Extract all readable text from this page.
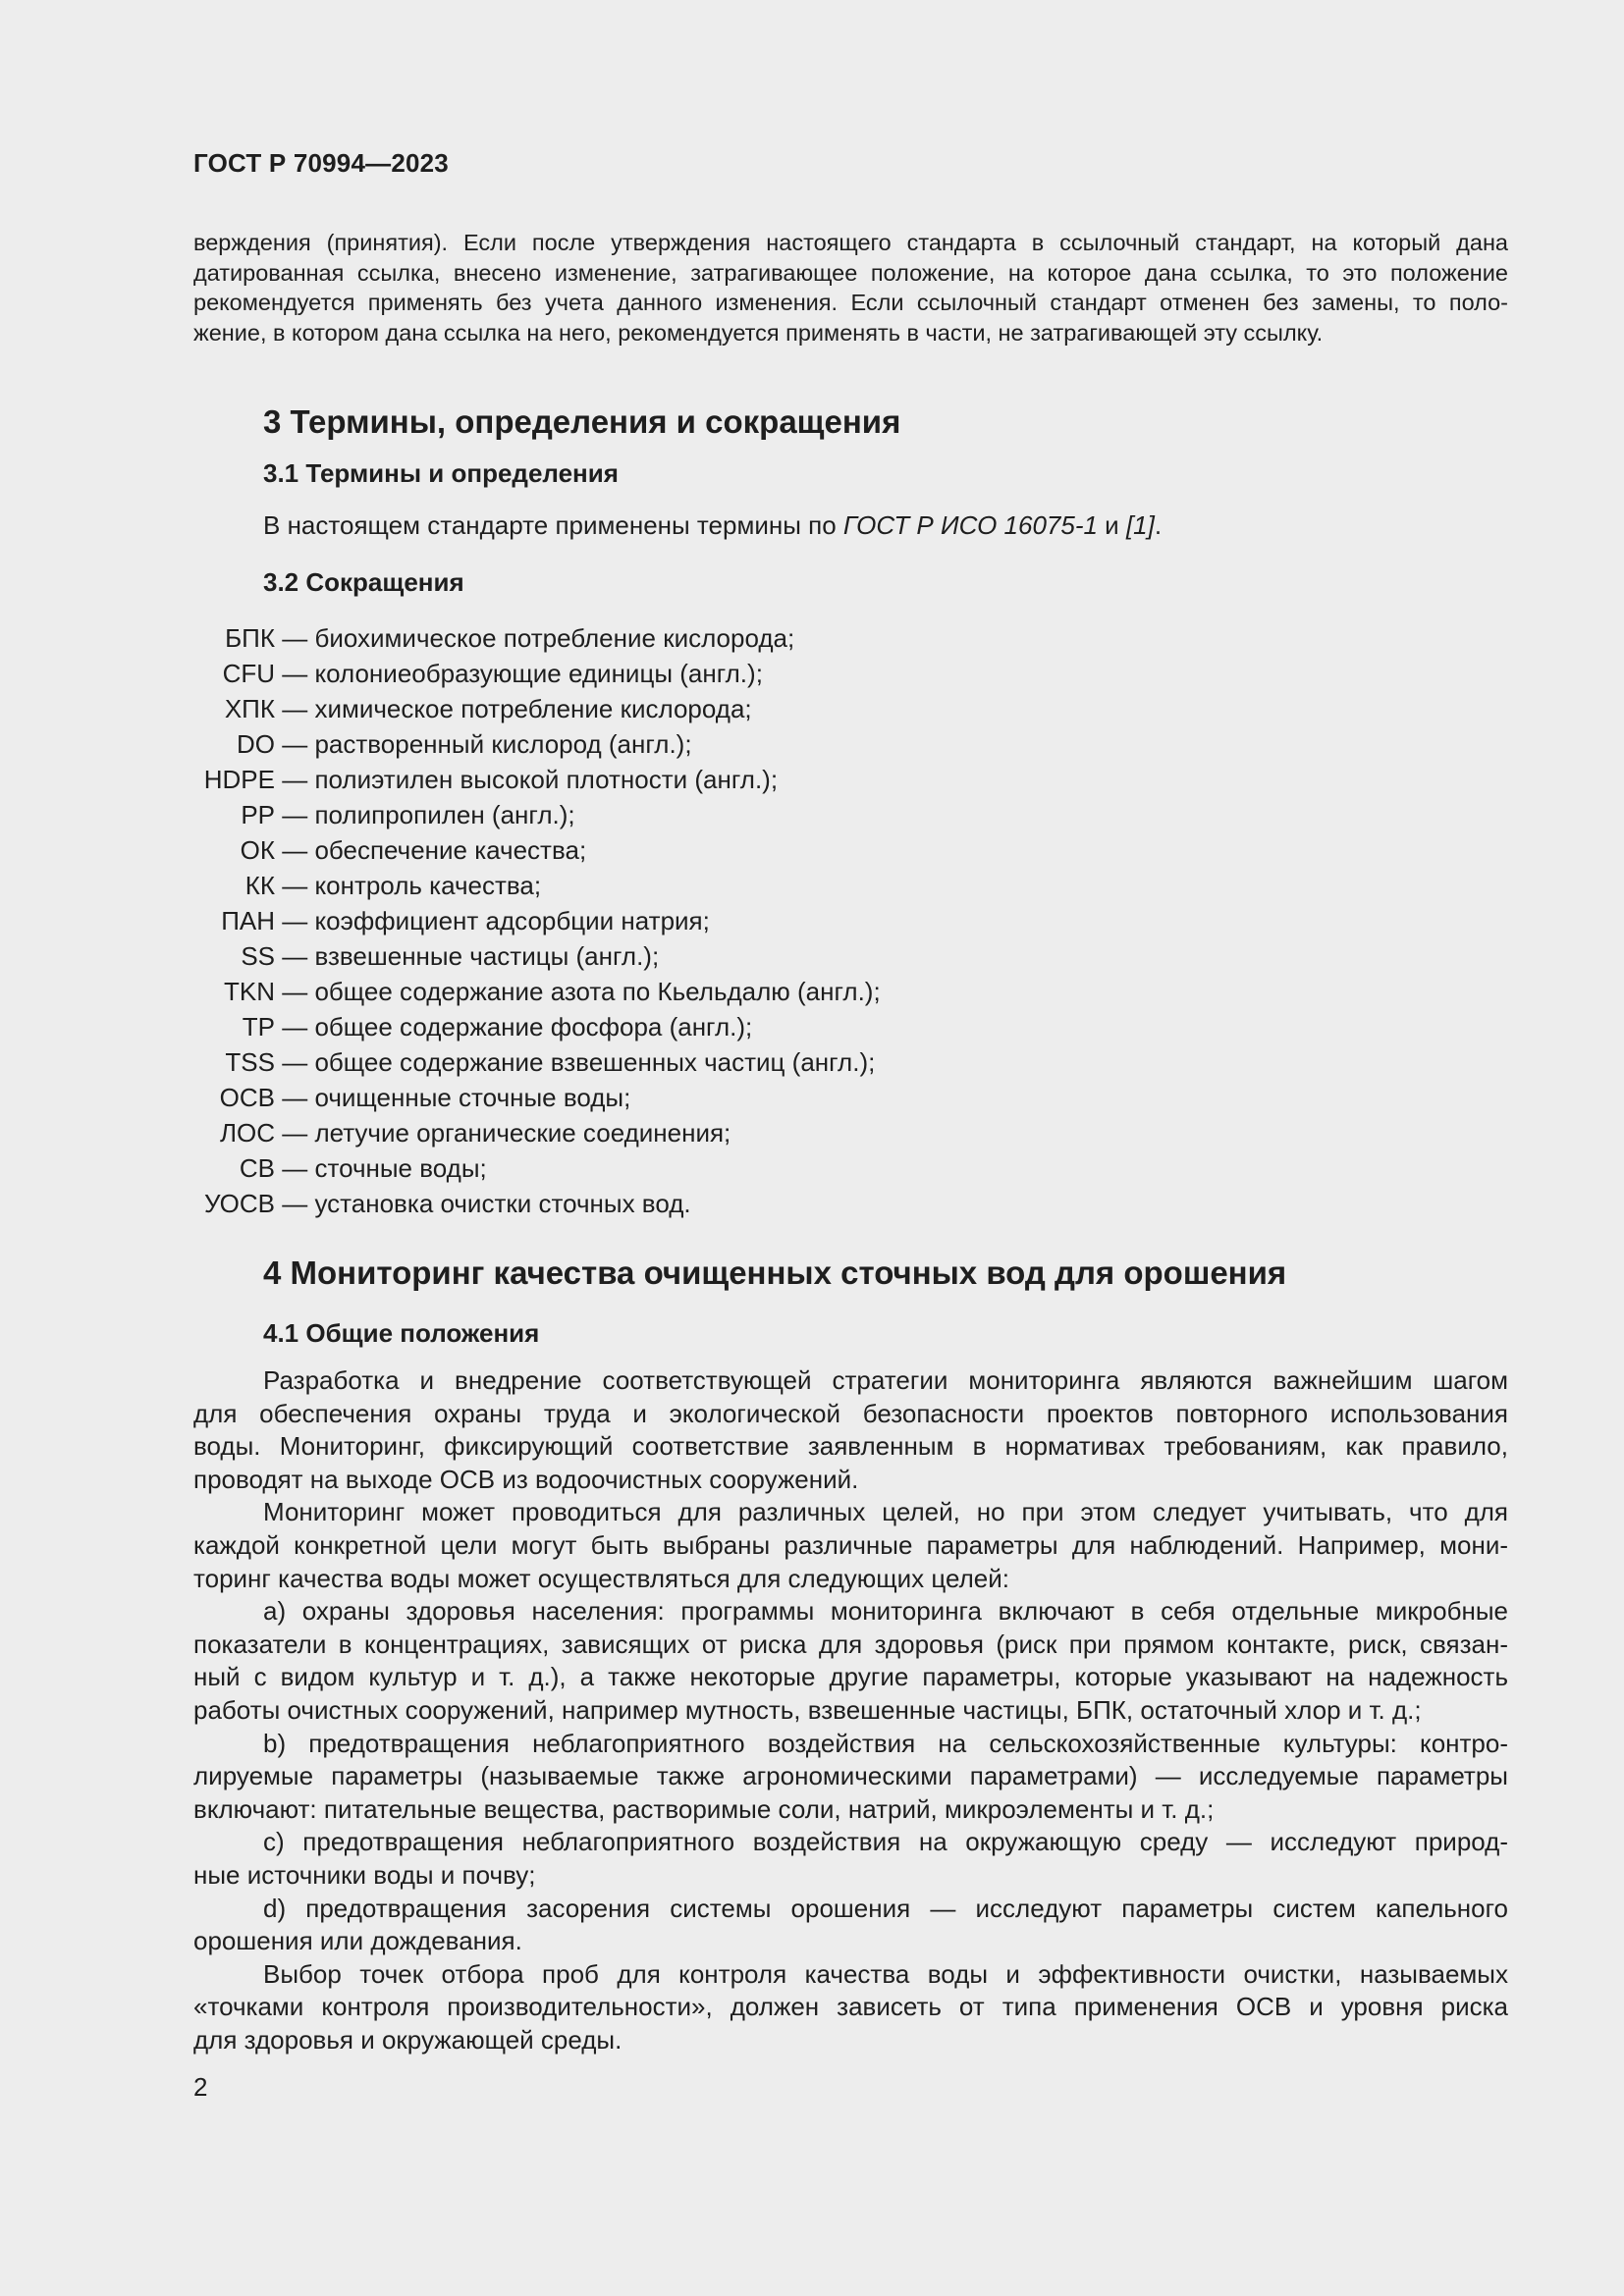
ГОСТ Р 70994—2023
верждения (принятия). Если после утверждения настоящего стандарта в ссылочный стандарт, на который дана
датированная ссылка, внесено изменение, затрагивающее положение, на которое дана ссылка, то это положение
рекомендуется применять без учета данного изменения. Если ссылочный стандарт отменен без замены, то поло-
жение, в котором дана ссылка на него, рекомендуется применять в части, не затрагивающей эту ссылку.
3 Термины, определения и сокращения
3.1 Термины и определения
В настоящем стандарте применены термины по ГОСТ Р ИСО 16075-1 и [1].
3.2 Сокращения
БПК — биохимическое потребление кислорода;
CFU — колониеобразующие единицы (англ.);
ХПК — химическое потребление кислорода;
DO — растворенный кислород (англ.);
HDPE — полиэтилен высокой плотности (англ.);
PP — полипропилен (англ.);
ОК — обеспечение качества;
КК — контроль качества;
ПАН — коэффициент адсорбции натрия;
SS — взвешенные частицы (англ.);
TKN — общее содержание азота по Кьельдалю (англ.);
TP — общее содержание фосфора (англ.);
TSS — общее содержание взвешенных частиц (англ.);
ОСВ — очищенные сточные воды;
ЛОС — летучие органические соединения;
СВ — сточные воды;
УОСВ — установка очистки сточных вод.
4 Мониторинг качества очищенных сточных вод для орошения
4.1 Общие положения
Разработка и внедрение соответствующей стратегии мониторинга являются важнейшим шагом
для обеспечения охраны труда и экологической безопасности проектов повторного использования
воды. Мониторинг, фиксирующий соответствие заявленным в нормативах требованиям, как правило,
проводят на выходе ОСВ из водоочистных сооружений.
Мониторинг может проводиться для различных целей, но при этом следует учитывать, что для
каждой конкретной цели могут быть выбраны различные параметры для наблюдений. Например, мони-
торинг качества воды может осуществляться для следующих целей:
a) охраны здоровья населения: программы мониторинга включают в себя отдельные микробные
показатели в концентрациях, зависящих от риска для здоровья (риск при прямом контакте, риск, связан-
ный с видом культур и т. д.), а также некоторые другие параметры, которые указывают на надежность
работы очистных сооружений, например мутность, взвешенные частицы, БПК, остаточный хлор и т. д.;
b) предотвращения неблагоприятного воздействия на сельскохозяйственные культуры: контро-
лируемые параметры (называемые также агрономическими параметрами) — исследуемые параметры
включают: питательные вещества, растворимые соли, натрий, микроэлементы и т. д.;
c) предотвращения неблагоприятного воздействия на окружающую среду — исследуют природ-
ные источники воды и почву;
d) предотвращения засорения системы орошения — исследуют параметры систем капельного
орошения или дождевания.
Выбор точек отбора проб для контроля качества воды и эффективности очистки, называемых
«точками контроля производительности», должен зависеть от типа применения ОСВ и уровня риска
для здоровья и окружающей среды.
2
